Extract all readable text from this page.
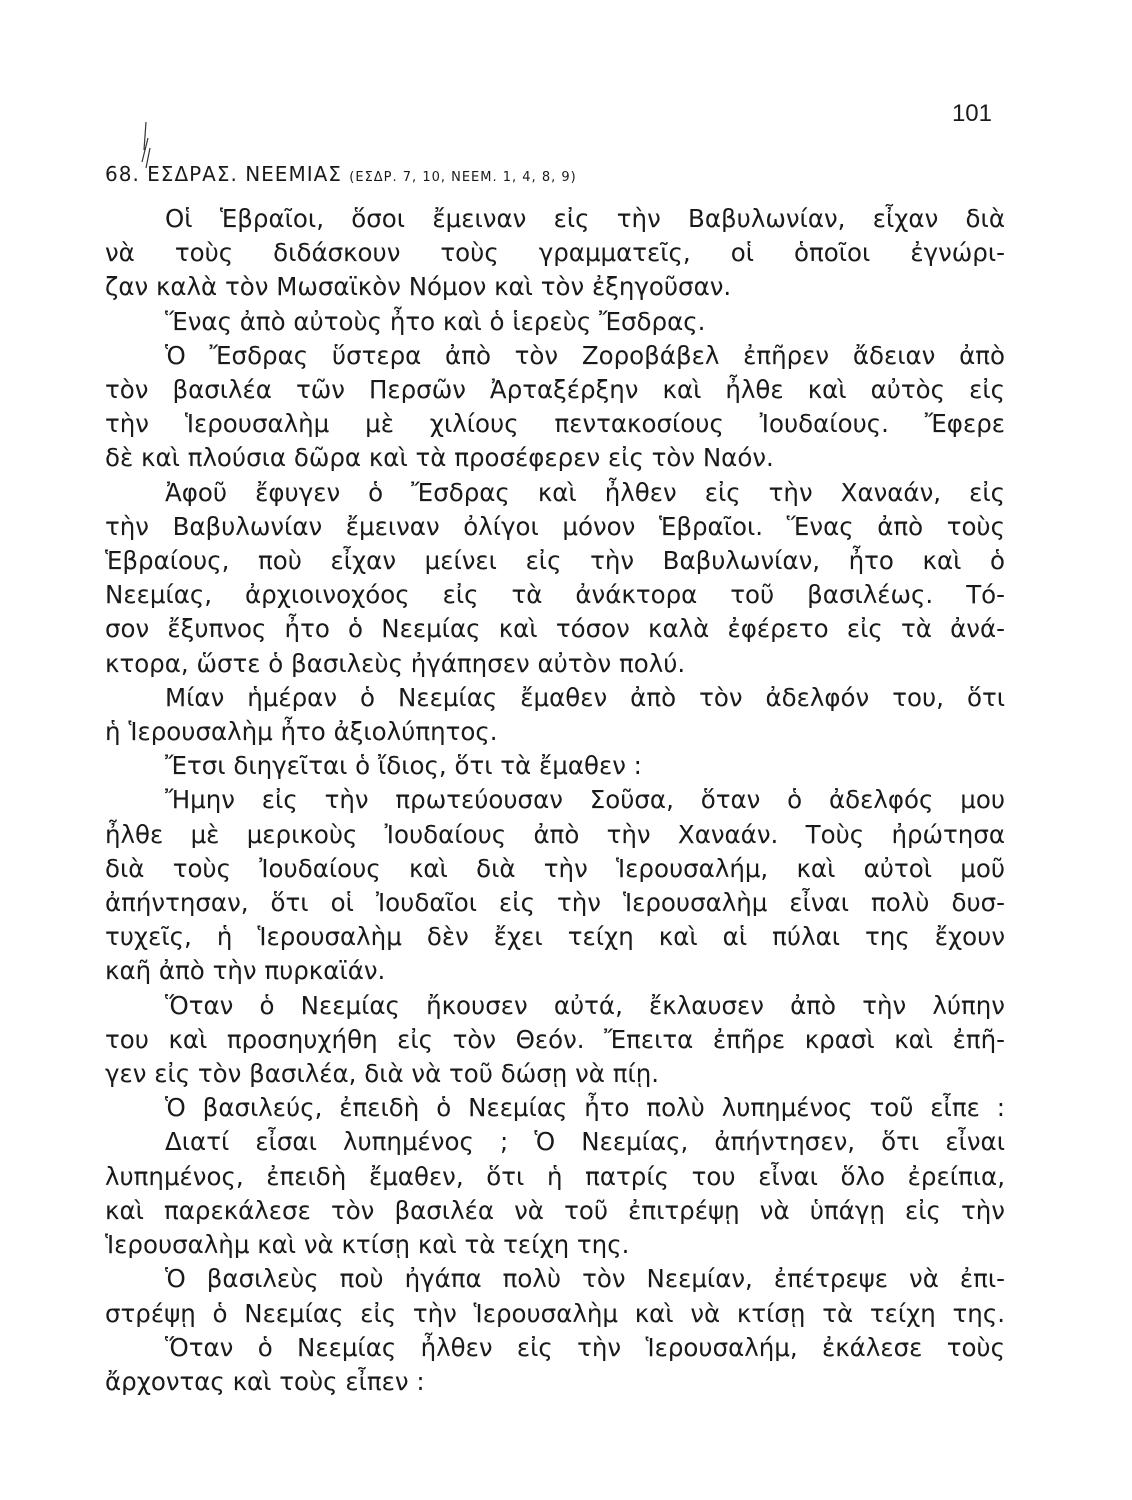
101
68. ΕΣΔΡΑΣ. ΝΕΕΜΙΑΣ (ΕΣΔΡ. 7, 10, ΝΕΕΜ. 1, 4, 8, 9)
Οἱ Ἑβραῖοι, ὅσοι ἔμειναν εἰς τὴν Βαβυλωνίαν, εἶχαν διὰ
νὰ τοὺς διδάσκουν τοὺς γραμματεῖς, οἱ ὁποῖοι ἐγνώρι-
ζαν καλὰ τὸν Μωσαϊκὸν Νόμον καὶ τὸν ἐξηγοῦσαν.
Ἕνας ἀπὸ αὐτοὺς ἦτο καὶ ὁ ἱερεὺς Ἔσδρας.
Ὁ Ἔσδρας ὕστερα ἀπὸ τὸν Ζοροβάβελ ἐπῆρεν ἄδειαν ἀπὸ
τὸν βασιλέα τῶν Περσῶν Ἀρταξέρξην καὶ ἦλθε καὶ αὐτὸς εἰς
τὴν Ἱερουσαλὴμ μὲ χιλίους πεντακοσίους Ἰουδαίους. Ἔφερε
δὲ καὶ πλούσια δῶρα καὶ τὰ προσέφερεν εἰς τὸν Ναόν.
Ἀφοῦ ἔφυγεν ὁ Ἔσδρας καὶ ἦλθεν εἰς τὴν Χαναάν, εἰς
τὴν Βαβυλωνίαν ἔμειναν ὀλίγοι μόνον Ἑβραῖοι. Ἕνας ἀπὸ τοὺς
Ἑβραίους, ποὺ εἶχαν μείνει εἰς τὴν Βαβυλωνίαν, ἦτο καὶ ὁ
Νεεμίας, ἀρχιοινοχόος εἰς τὰ ἀνάκτορα τοῦ βασιλέως. Τό-
σον ἔξυπνος ἦτο ὁ Νεεμίας καὶ τόσον καλὰ ἐφέρετο εἰς τὰ ἀνά-
κτορα, ὥστε ὁ βασιλεὺς ἠγάπησεν αὐτὸν πολύ.
Μίαν ἡμέραν ὁ Νεεμίας ἔμαθεν ἀπὸ τὸν ἀδελφόν του, ὅτι
ἡ Ἱερουσαλὴμ ἦτο ἀξιολύπητος.
Ἔτσι διηγεῖται ὁ ἴδιος, ὅτι τὰ ἔμαθεν :
Ἤμην εἰς τὴν πρωτεύουσαν Σοῦσα, ὅταν ὁ ἀδελφός μου
ἦλθε μὲ μερικοὺς Ἰουδαίους ἀπὸ τὴν Χαναάν. Τοὺς ἠρώτησα
διὰ τοὺς Ἰουδαίους καὶ διὰ τὴν Ἱερουσαλήμ, καὶ αὐτοὶ μοῦ
ἀπήντησαν, ὅτι οἱ Ἰουδαῖοι εἰς τὴν Ἱερουσαλὴμ εἶναι πολὺ δυσ-
τυχεῖς, ἡ Ἱερουσαλὴμ δὲν ἔχει τείχη καὶ αἱ πύλαι της ἔχουν
καῆ ἀπὸ τὴν πυρκαϊάν.
Ὅταν ὁ Νεεμίας ἤκουσεν αὐτά, ἔκλαυσεν ἀπὸ τὴν λύπην
του καὶ προσηυχήθη εἰς τὸν Θεόν. Ἔπειτα ἐπῆρε κρασὶ καὶ ἐπῆ-
γεν εἰς τὸν βασιλέα, διὰ νὰ τοῦ δώσῃ νὰ πίῃ.
Ὁ βασιλεύς, ἐπειδὴ ὁ Νεεμίας ἦτο πολὺ λυπημένος τοῦ εἶπε :
Διατί εἶσαι λυπημένος ; Ὁ Νεεμίας, ἀπήντησεν, ὅτι εἶναι
λυπημένος, ἐπειδὴ ἔμαθεν, ὅτι ἡ πατρίς του εἶναι ὅλο ἐρείπια,
καὶ παρεκάλεσε τὸν βασιλέα νὰ τοῦ ἐπιτρέψῃ νὰ ὑπάγῃ εἰς τὴν
Ἱερουσαλὴμ καὶ νὰ κτίσῃ καὶ τὰ τείχη της.
Ὁ βασιλεὺς ποὺ ἠγάπα πολὺ τὸν Νεεμίαν, ἐπέτρεψε νὰ ἐπι-
στρέψῃ ὁ Νεεμίας εἰς τὴν Ἱερουσαλὴμ καὶ νὰ κτίσῃ τὰ τείχη της.
Ὅταν ὁ Νεεμίας ἦλθεν εἰς τὴν Ἱερουσαλήμ, ἐκάλεσε τοὺς
ἄρχοντας καὶ τοὺς εἶπεν :
